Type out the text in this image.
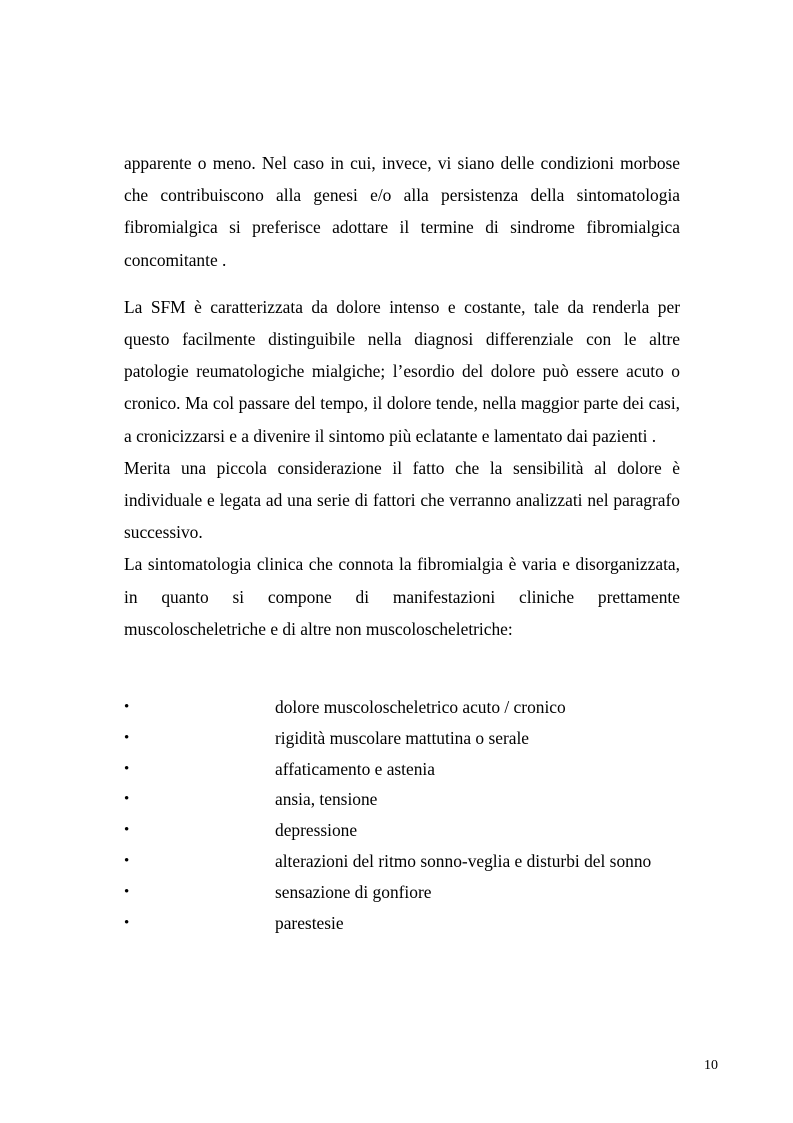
apparente o meno. Nel caso in cui, invece, vi siano delle condizioni morbose che contribuiscono alla genesi e/o alla persistenza della sintomatologia fibromialgica si preferisce adottare il termine di sindrome fibromialgica concomitante .

La SFM è caratterizzata da dolore intenso e costante, tale da renderla per questo facilmente distinguibile nella diagnosi differenziale con le altre patologie reumatologiche mialgiche; l’esordio del dolore può essere acuto o cronico. Ma col passare del tempo, il dolore tende, nella maggior parte dei casi, a cronicizzarsi e a divenire il sintomo più eclatante e lamentato dai pazienti .

Merita una piccola considerazione il fatto che la sensibilità al dolore è individuale e legata ad una serie di fattori che verranno analizzati nel paragrafo successivo.

La sintomatologia clinica che connota la fibromialgia è varia e disorganizzata, in quanto si compone di manifestazioni cliniche prettamente muscoloscheletriche e di altre non muscoloscheletriche:

•	dolore muscoloscheletrico acuto / cronico
•	rigidità muscolare mattutina o serale
•	affaticamento e astenia
•	ansia, tensione
•	depressione
•	alterazioni del ritmo sonno-veglia e disturbi del sonno
•	sensazione di gonfiore
•	parestesie
10
